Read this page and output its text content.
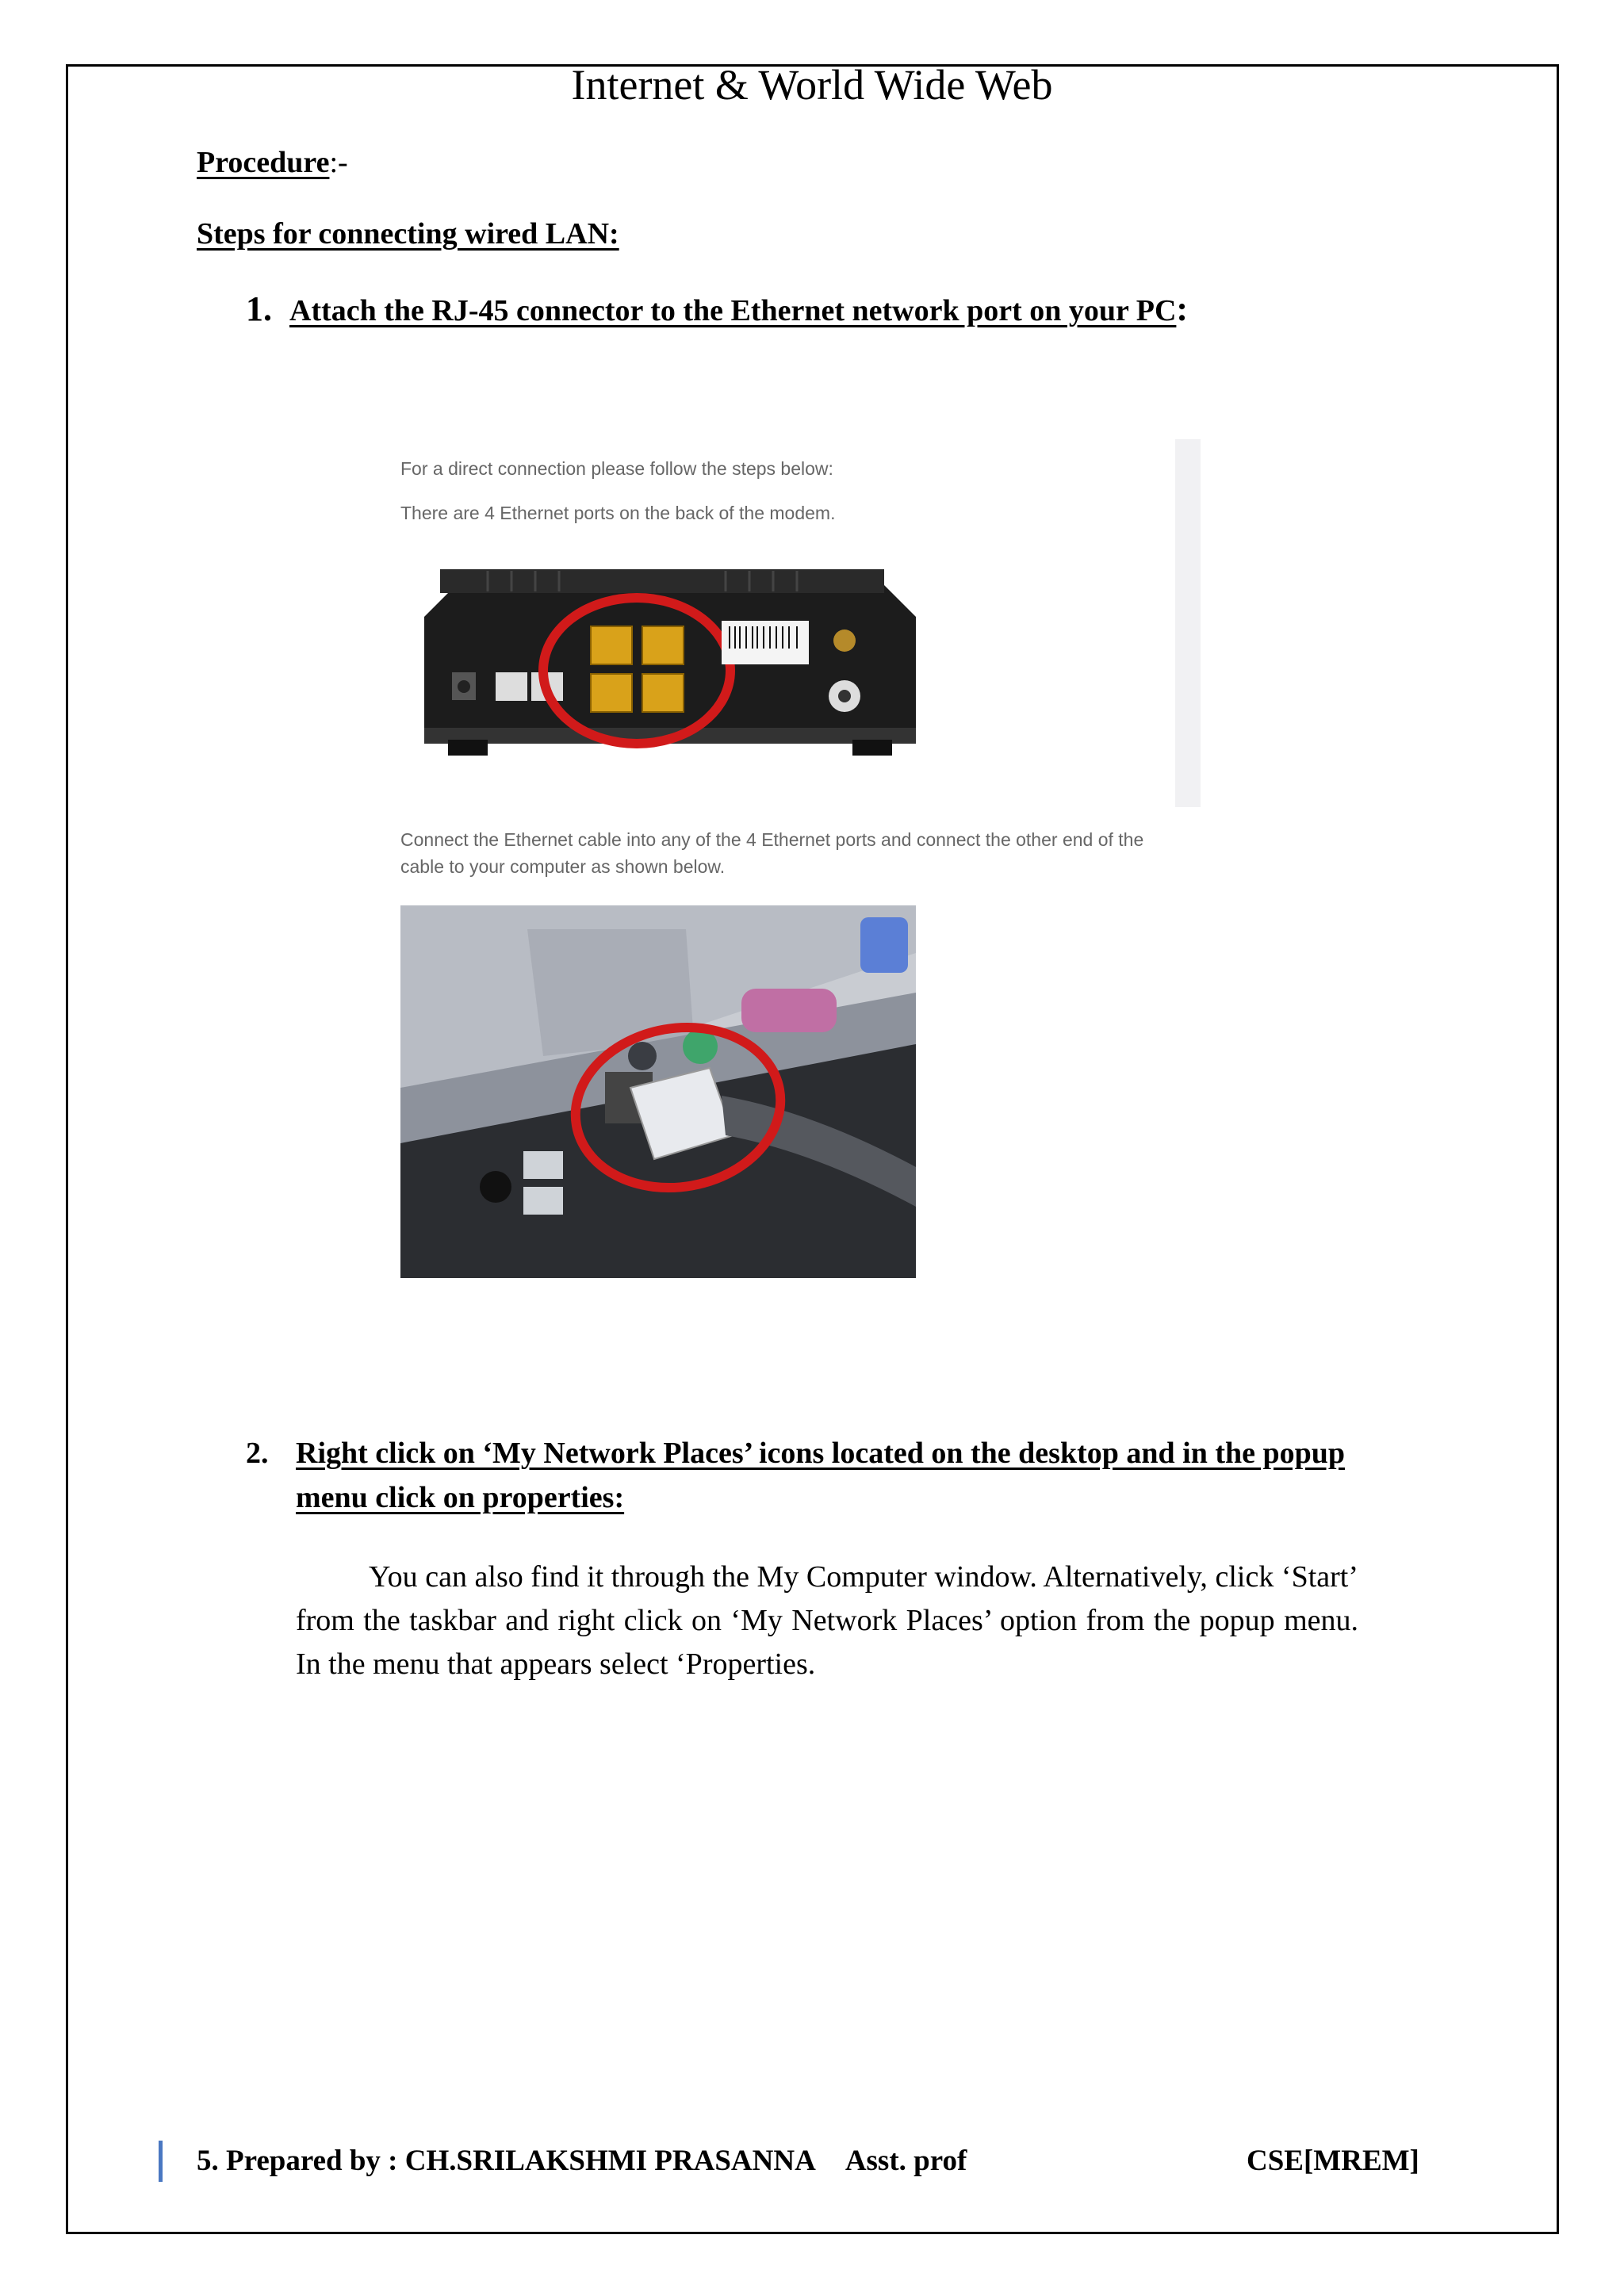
Internet & World Wide Web
Procedure:-
Steps for connecting wired LAN:
1. Attach the RJ-45 connector to the Ethernet network port on your PC:
For a direct connection please follow the steps below:
There are 4 Ethernet ports on the back of the modem.
Connect the Ethernet cable into any of the 4 Ethernet ports and connect the other end of the
cable to your computer as shown below.
2. Right click on ‘My Network Places’ icons located on the desktop and in the popup menu click on properties:
You can also find it through the My Computer window. Alternatively, click ‘Start’ from the taskbar and right click on ‘My Network Places’ option from the popup menu. In the menu that appears select ‘Properties.
5. Prepared by : CH.SRILAKSHMI PRASANNA Asst. prof	CSE[MREM]
